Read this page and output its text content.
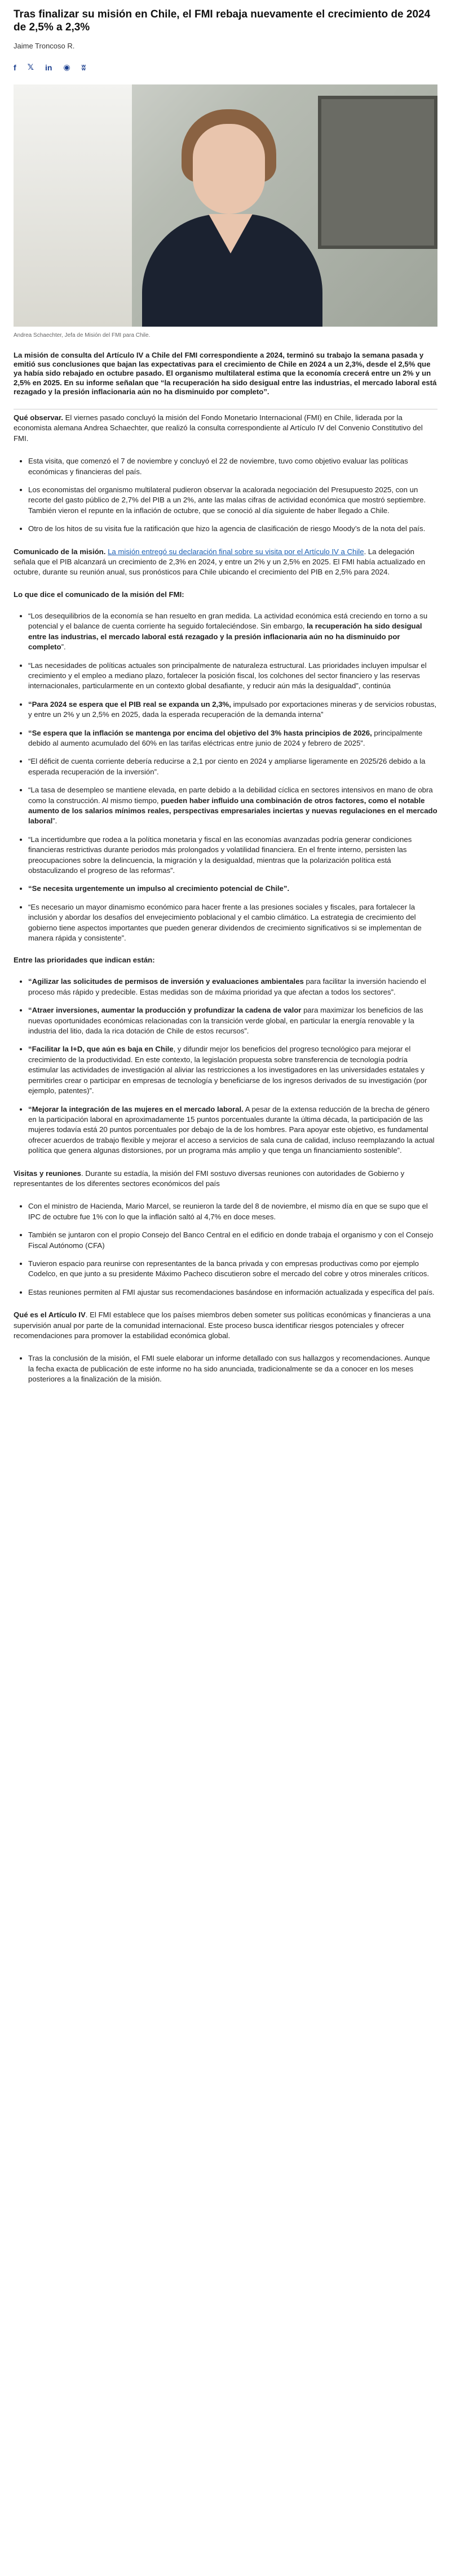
Tras finalizar su misión en Chile, el FMI rebaja nuevamente el crecimiento de 2024 de 2,5% a 2,3%
Jaime Troncoso R.
f 𝕏 in ◉ ʬ
Andrea Schaechter, Jefa de Misión del FMI para Chile.

La misión de consulta del Artículo IV a Chile del FMI correspondiente a 2024, terminó su trabajo la semana pasada y emitió sus conclusiones que bajan las expectativas para el crecimiento de Chile en 2024 a un 2,3%, desde el 2,5% que ya había sido rebajado en octubre pasado. El organismo multilateral estima que la economía crecerá entre un 2% y un 2,5% en 2025. En su informe señalan que “la recuperación ha sido desigual entre las industrias, el mercado laboral está rezagado y la presión inflacionaria aún no ha disminuido por completo”.

Qué observar. El viernes pasado concluyó la misión del Fondo Monetario Internacional (FMI) en Chile, liderada por la economista alemana Andrea Schaechter, que realizó la consulta correspondiente al Artículo IV del Convenio Constitutivo del FMI.

• Esta visita, que comenzó el 7 de noviembre y concluyó el 22 de noviembre, tuvo como objetivo evaluar las políticas económicas y financieras del país.
• Los economistas del organismo multilateral pudieron observar la acalorada negociación del Presupuesto 2025, con un recorte del gasto público de 2,7% del PIB a un 2%, ante las malas cifras de actividad económica que mostró septiembre. También vieron el repunte en la inflación de octubre, que se conoció al día siguiente de haber llegado a Chile.
• Otro de los hitos de su visita fue la ratificación que hizo la agencia de clasificación de riesgo Moody’s de la nota del país.

Comunicado de la misión. La misión entregó su declaración final sobre su visita por el Artículo IV a Chile. La delegación señala que el PIB alcanzará un crecimiento de 2,3% en 2024, y entre un 2% y un 2,5% en 2025. El FMI había actualizado en octubre, durante su reunión anual, sus pronósticos para Chile ubicando el crecimiento del PIB en 2,5% para 2024.

Lo que dice el comunicado de la misión del FMI:
• “Los desequilibrios de la economía se han resuelto en gran medida. La actividad económica está creciendo en torno a su potencial y el balance de cuenta corriente ha seguido fortaleciéndose. Sin embargo, la recuperación ha sido desigual entre las industrias, el mercado laboral está rezagado y la presión inflacionaria aún no ha disminuido por completo”.
• “Las necesidades de políticas actuales son principalmente de naturaleza estructural. Las prioridades incluyen impulsar el crecimiento y el empleo a mediano plazo, fortalecer la posición fiscal, los colchones del sector financiero y las reservas internacionales, particularmente en un contexto global desafiante, y reducir aún más la desigualdad”, continúa
• “Para 2024 se espera que el PIB real se expanda un 2,3%, impulsado por exportaciones mineras y de servicios robustas, y entre un 2% y un 2,5% en 2025, dada la esperada recuperación de la demanda interna”
• “Se espera que la inflación se mantenga por encima del objetivo del 3% hasta principios de 2026, principalmente debido al aumento acumulado del 60% en las tarifas eléctricas entre junio de 2024 y febrero de 2025”.
• “El déficit de cuenta corriente debería reducirse a 2,1 por ciento en 2024 y ampliarse ligeramente en 2025/26 debido a la esperada recuperación de la inversión”.
• “La tasa de desempleo se mantiene elevada, en parte debido a la debilidad cíclica en sectores intensivos en mano de obra como la construcción. Al mismo tiempo, pueden haber influido una combinación de otros factores, como el notable aumento de los salarios mínimos reales, perspectivas empresariales inciertas y nuevas regulaciones en el mercado laboral”.
• “La incertidumbre que rodea a la política monetaria y fiscal en las economías avanzadas podría generar condiciones financieras restrictivas durante periodos más prolongados y volatilidad financiera. En el frente interno, persisten las preocupaciones sobre la delincuencia, la migración y la desigualdad, mientras que la polarización política está obstaculizando el progreso de las reformas”.
• “Se necesita urgentemente un impulso al crecimiento potencial de Chile”.
• “Es necesario un mayor dinamismo económico para hacer frente a las presiones sociales y fiscales, para fortalecer la inclusión y abordar los desafíos del envejecimiento poblacional y el cambio climático. La estrategia de crecimiento del gobierno tiene aspectos importantes que pueden generar dividendos de crecimiento significativos si se implementan de manera rápida y consistente”.
Entre las prioridades que indican están:
• “Agilizar las solicitudes de permisos de inversión y evaluaciones ambientales para facilitar la inversión haciendo el proceso más rápido y predecible. Estas medidas son de máxima prioridad ya que afectan a todos los sectores”.
• “Atraer inversiones, aumentar la producción y profundizar la cadena de valor para maximizar los beneficios de las nuevas oportunidades económicas relacionadas con la transición verde global, en particular la energía renovable y la industria del litio, dada la rica dotación de Chile de estos recursos”.
• “Facilitar la I+D, que aún es baja en Chile, y difundir mejor los beneficios del progreso tecnológico para mejorar el crecimiento de la productividad. En este contexto, la legislación propuesta sobre transferencia de tecnología podría estimular las actividades de investigación al aliviar las restricciones a los investigadores en las universidades estatales y permitirles crear o participar en empresas de tecnología y beneficiarse de los ingresos derivados de su investigación (por ejemplo, patentes)”.
• “Mejorar la integración de las mujeres en el mercado laboral. A pesar de la extensa reducción de la brecha de género en la participación laboral en aproximadamente 15 puntos porcentuales durante la última década, la participación de las mujeres todavía está 20 puntos porcentuales por debajo de la de los hombres. Para apoyar este objetivo, es fundamental ofrecer acuerdos de trabajo flexible y mejorar el acceso a servicios de sala cuna de calidad, incluso reemplazando la actual política que genera algunas distorsiones, por un programa más amplio y que tenga un financiamiento sostenible”.

Visitas y reuniones. Durante su estadía, la misión del FMI sostuvo diversas reuniones con autoridades de Gobierno y representantes de los diferentes sectores económicos del país

• Con el ministro de Hacienda, Mario Marcel, se reunieron la tarde del 8 de noviembre, el mismo día en que se supo que el IPC de octubre fue 1% con lo que la inflación saltó al 4,7% en doce meses.
• También se juntaron con el propio Consejo del Banco Central en el edificio en donde trabaja el organismo y con el Consejo Fiscal Autónomo (CFA)
• Tuvieron espacio para reunirse con representantes de la banca privada y con empresas productivas como por ejemplo Codelco, en que junto a su presidente Máximo Pacheco discutieron sobre el mercado del cobre y otros minerales críticos.
• Estas reuniones permiten al FMI ajustar sus recomendaciones basándose en información actualizada y específica del país.

Qué es el Artículo IV. El FMI establece que los países miembros deben someter sus políticas económicas y financieras a una supervisión anual por parte de la comunidad internacional. Este proceso busca identificar riesgos potenciales y ofrecer recomendaciones para promover la estabilidad económica global.

• Tras la conclusión de la misión, el FMI suele elaborar un informe detallado con sus hallazgos y recomendaciones. Aunque la fecha exacta de publicación de este informe no ha sido anunciada, tradicionalmente se da a conocer en los meses posteriores a la finalización de la misión.
